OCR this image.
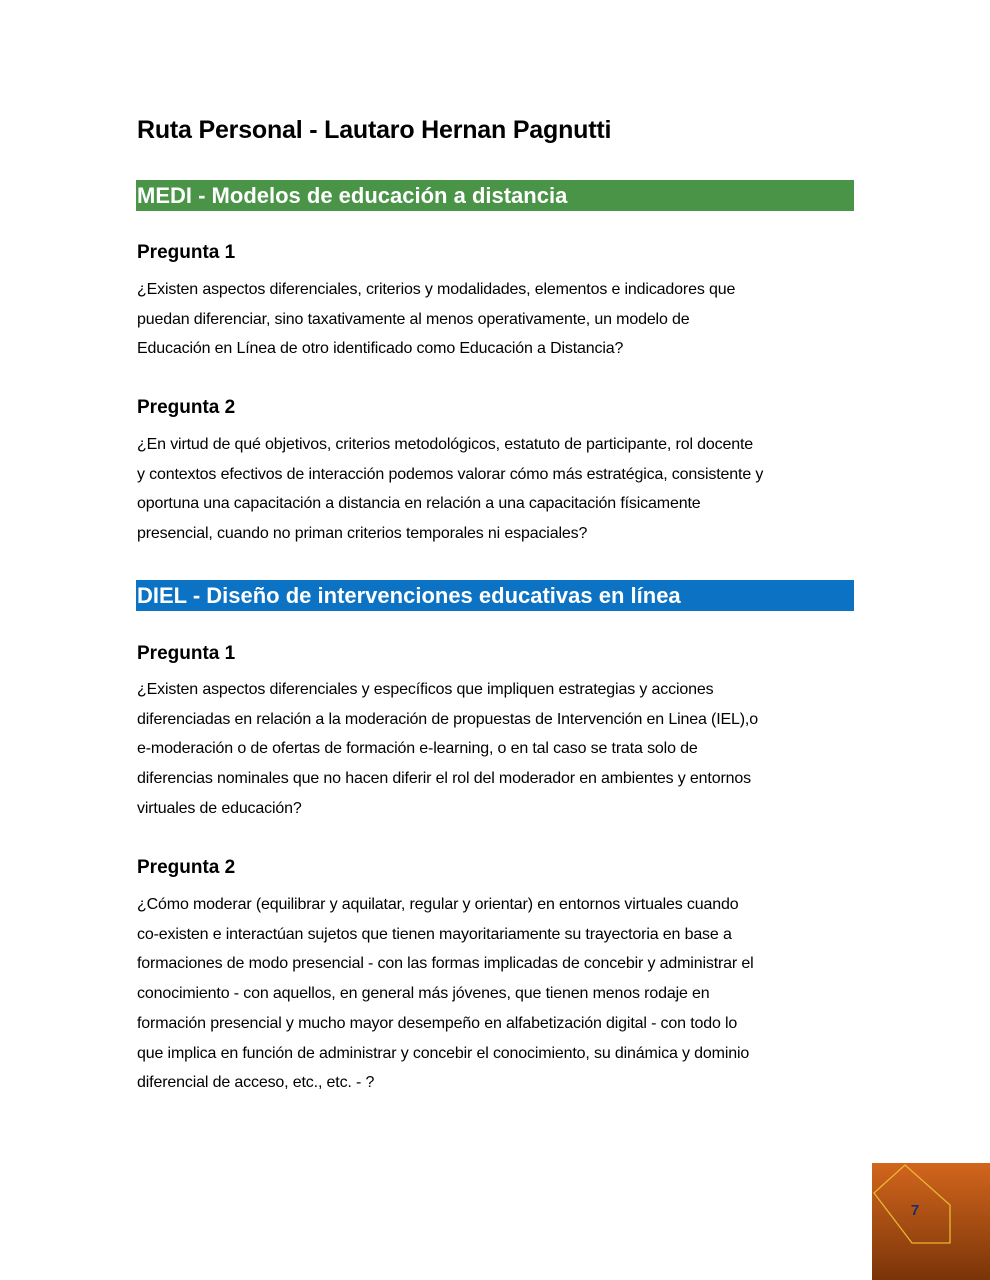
Ruta Personal - Lautaro Hernan Pagnutti
MEDI - Modelos de educación a distancia
Pregunta 1
¿Existen aspectos diferenciales, criterios y modalidades, elementos e indicadores que
puedan diferenciar, sino taxativamente al menos operativamente, un modelo de
Educación en Línea de otro identificado como Educación a Distancia?
Pregunta 2
¿En virtud de qué objetivos, criterios metodológicos, estatuto de participante, rol docente
y contextos efectivos de interacción podemos valorar cómo más estratégica, consistente y
oportuna una capacitación a distancia en relación a una capacitación físicamente
presencial, cuando no priman criterios temporales ni espaciales?
DIEL - Diseño de intervenciones educativas en línea
Pregunta 1
¿Existen aspectos diferenciales y específicos que impliquen estrategias y acciones
diferenciadas en relación a la moderación de propuestas de Intervención en Linea (IEL),o
e-moderación o de ofertas de formación e-learning, o en tal caso se trata solo de
diferencias nominales que no hacen diferir el rol del moderador en ambientes y entornos
virtuales de educación?
Pregunta 2
¿Cómo moderar (equilibrar y aquilatar, regular y orientar) en entornos virtuales cuando
co-existen e interactúan sujetos que tienen mayoritariamente su trayectoria en base a
formaciones de modo presencial - con las formas implicadas de concebir y administrar el
conocimiento - con aquellos, en general más jóvenes, que tienen menos rodaje en
formación presencial y mucho mayor desempeño en alfabetización digital - con todo lo
que implica en función de administrar y concebir el conocimiento, su dinámica y dominio
diferencial de acceso, etc., etc. - ?
7
